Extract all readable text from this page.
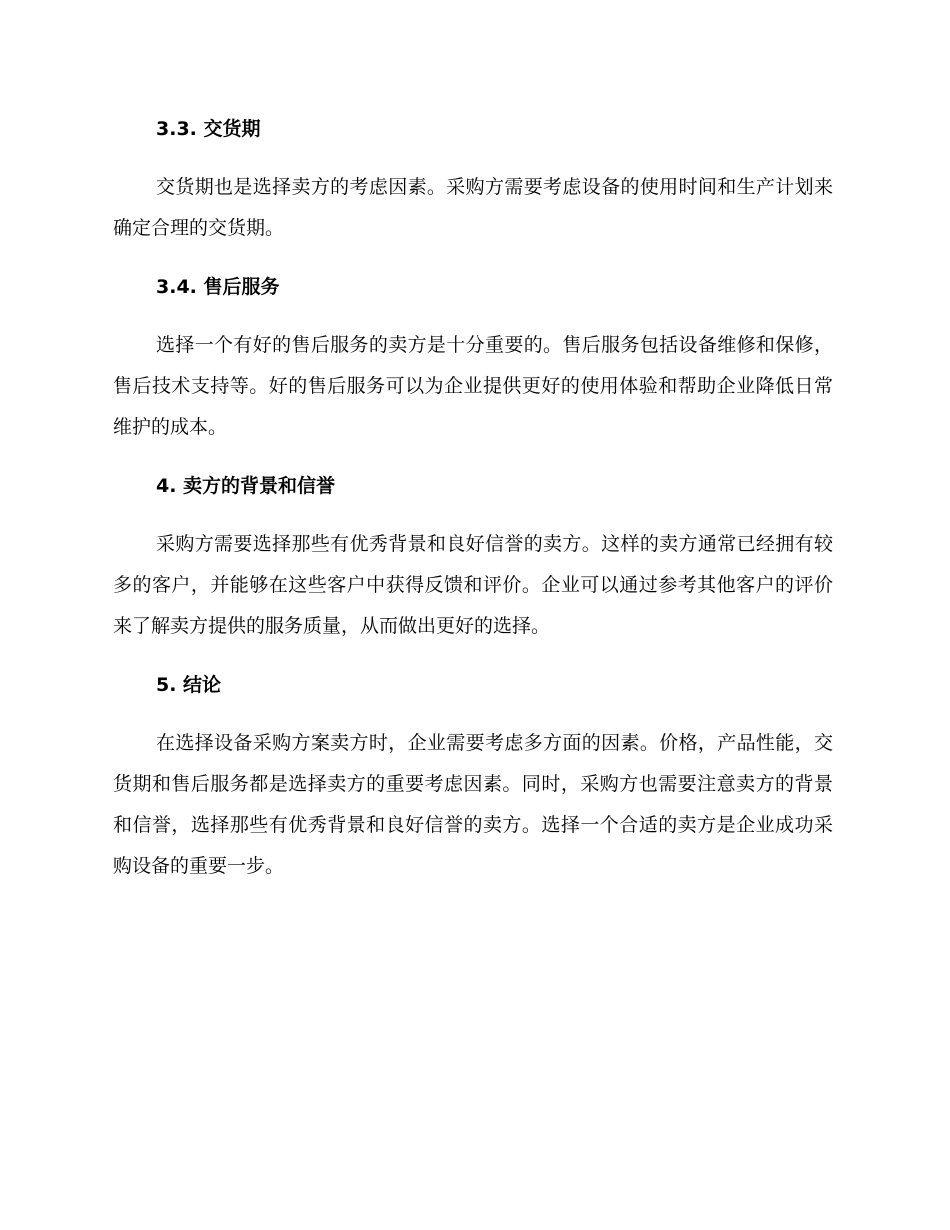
3.3. 交货期

交货期也是选择卖方的考虑因素。采购方需要考虑设备的使用时间和生产计划来确定合理的交货期。

3.4. 售后服务

选择一个有好的售后服务的卖方是十分重要的。售后服务包括设备维修和保修，售后技术支持等。好的售后服务可以为企业提供更好的使用体验和帮助企业降低日常维护的成本。

4. 卖方的背景和信誉

采购方需要选择那些有优秀背景和良好信誉的卖方。这样的卖方通常已经拥有较多的客户，并能够在这些客户中获得反馈和评价。企业可以通过参考其他客户的评价来了解卖方提供的服务质量，从而做出更好的选择。

5. 结论

在选择设备采购方案卖方时，企业需要考虑多方面的因素。价格，产品性能，交货期和售后服务都是选择卖方的重要考虑因素。同时，采购方也需要注意卖方的背景和信誉，选择那些有优秀背景和良好信誉的卖方。选择一个合适的卖方是企业成功采购设备的重要一步。
